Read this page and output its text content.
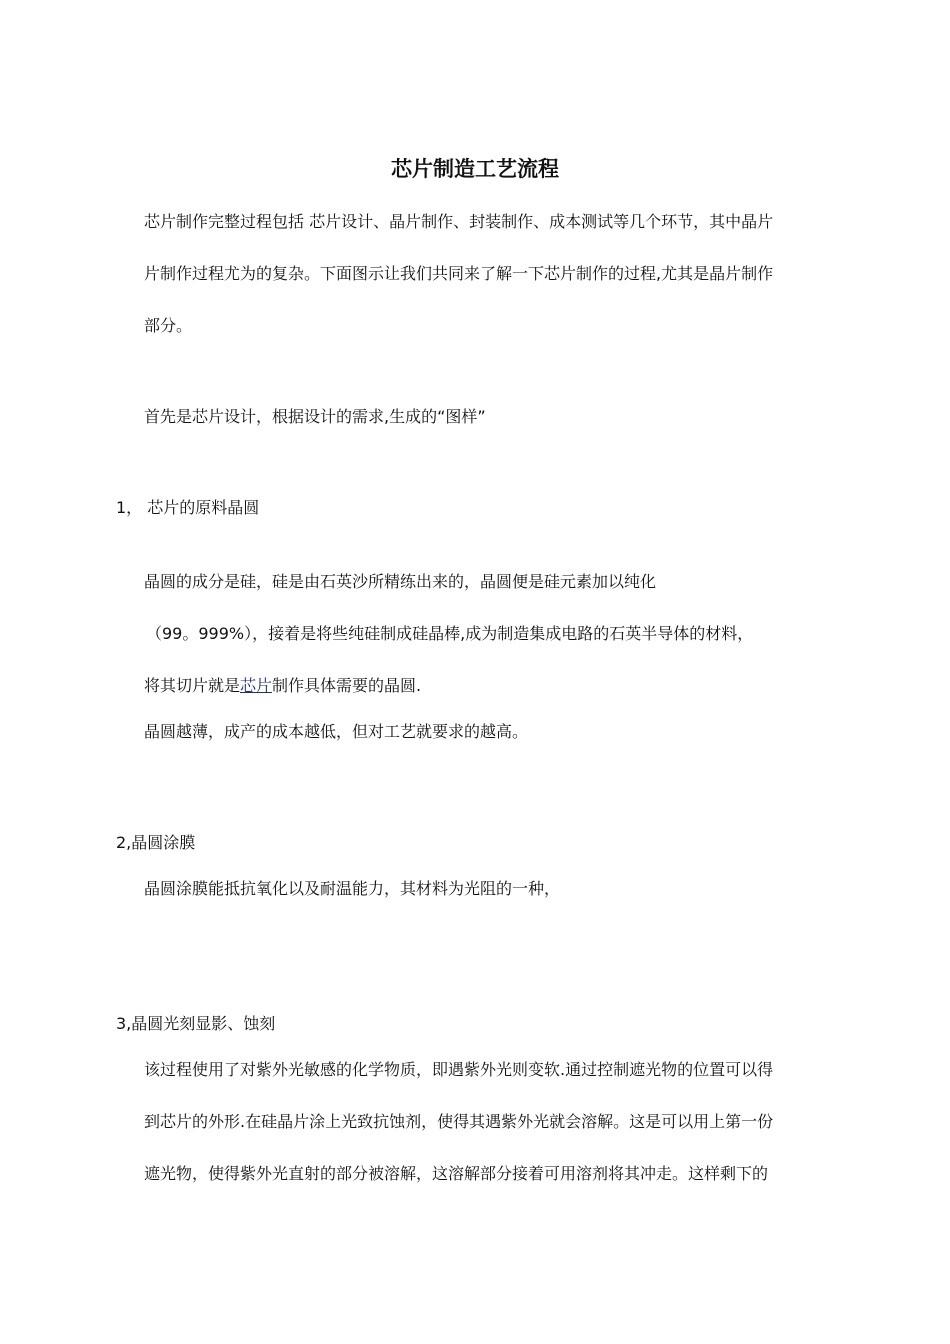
芯片制造工艺流程

芯片制作完整过程包括 芯片设计、晶片制作、封装制作、成本测试等几个环节，其中晶片

片制作过程尤为的复杂。下面图示让我们共同来了解一下芯片制作的过程,尤其是晶片制作

部分。

首先是芯片设计，根据设计的需求,生成的“图样”

1， 芯片的原料晶圆

晶圆的成分是硅，硅是由石英沙所精练出来的，晶圆便是硅元素加以纯化

（99。999%），接着是将些纯硅制成硅晶棒,成为制造集成电路的石英半导体的材料，

将其切片就是芯片制作具体需要的晶圆.

晶圆越薄，成产的成本越低，但对工艺就要求的越高。

2,晶圆涂膜

晶圆涂膜能抵抗氧化以及耐温能力，其材料为光阻的一种，

3,晶圆光刻显影、蚀刻

该过程使用了对紫外光敏感的化学物质，即遇紫外光则变软.通过控制遮光物的位置可以得

到芯片的外形.在硅晶片涂上光致抗蚀剂，使得其遇紫外光就会溶解。这是可以用上第一份

遮光物，使得紫外光直射的部分被溶解，这溶解部分接着可用溶剂将其冲走。这样剩下的
